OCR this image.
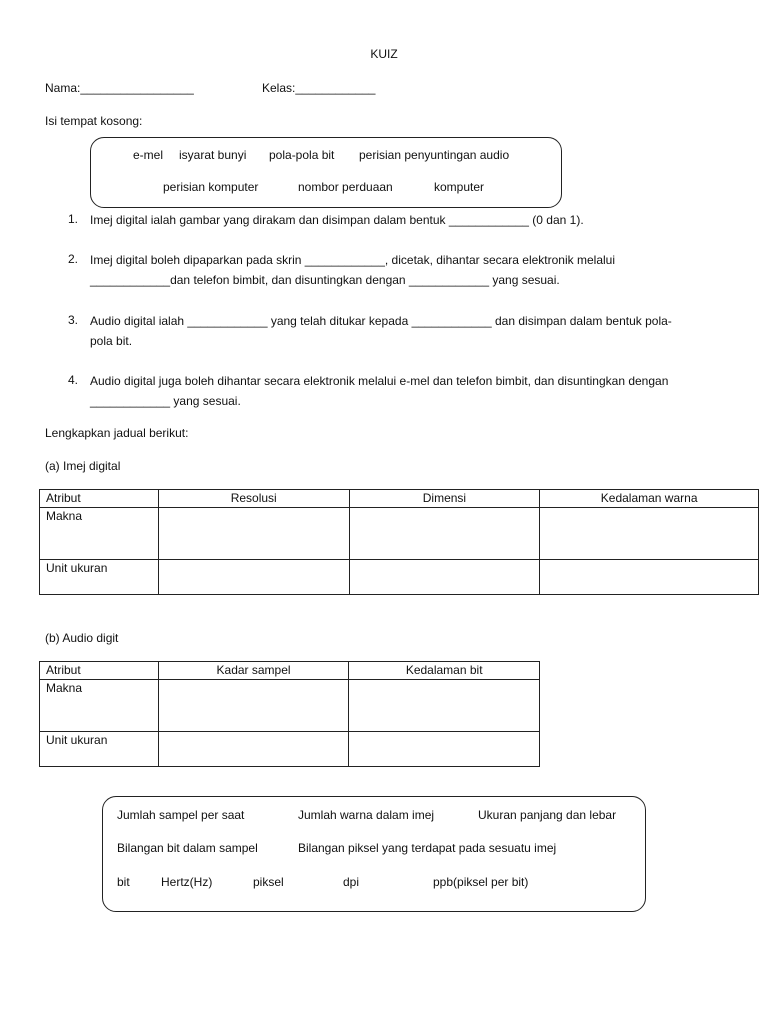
KUIZ
Nama:_________________	Kelas:____________
Isi tempat kosong:
e-mel isyarat bunyi pola-pola bit perisian penyuntingan audio
perisian komputer	nombor perduaan	komputer
1. Imej digital ialah gambar yang dirakam dan disimpan dalam bentuk ____________ (0 dan 1).
2. Imej digital boleh dipaparkan pada skrin ____________, dicetak, dihantar secara elektronik melalui
____________dan telefon bimbit, dan disuntingkan dengan ____________ yang sesuai.
3. Audio digital ialah ____________ yang telah ditukar kepada ____________ dan disimpan dalam bentuk pola-
pola bit.
4. Audio digital juga boleh dihantar secara elektronik melalui e-mel dan telefon bimbit, dan disuntingkan dengan
____________ yang sesuai.
Lengkapkan jadual berikut:
(a) Imej digital
Atribut	Resolusi	Dimensi	Kedalaman warna
Makna			
Unit ukuran			
(b) Audio digit
Atribut	Kadar sampel	Kedalaman bit
Makna		
Unit ukuran		
Jumlah sampel per saat	Jumlah warna dalam imej	Ukuran panjang dan lebar
Bilangan bit dalam sampel	Bilangan piksel yang terdapat pada sesuatu imej
bit	Hertz(Hz)	piksel	dpi	ppb(piksel per bit)
